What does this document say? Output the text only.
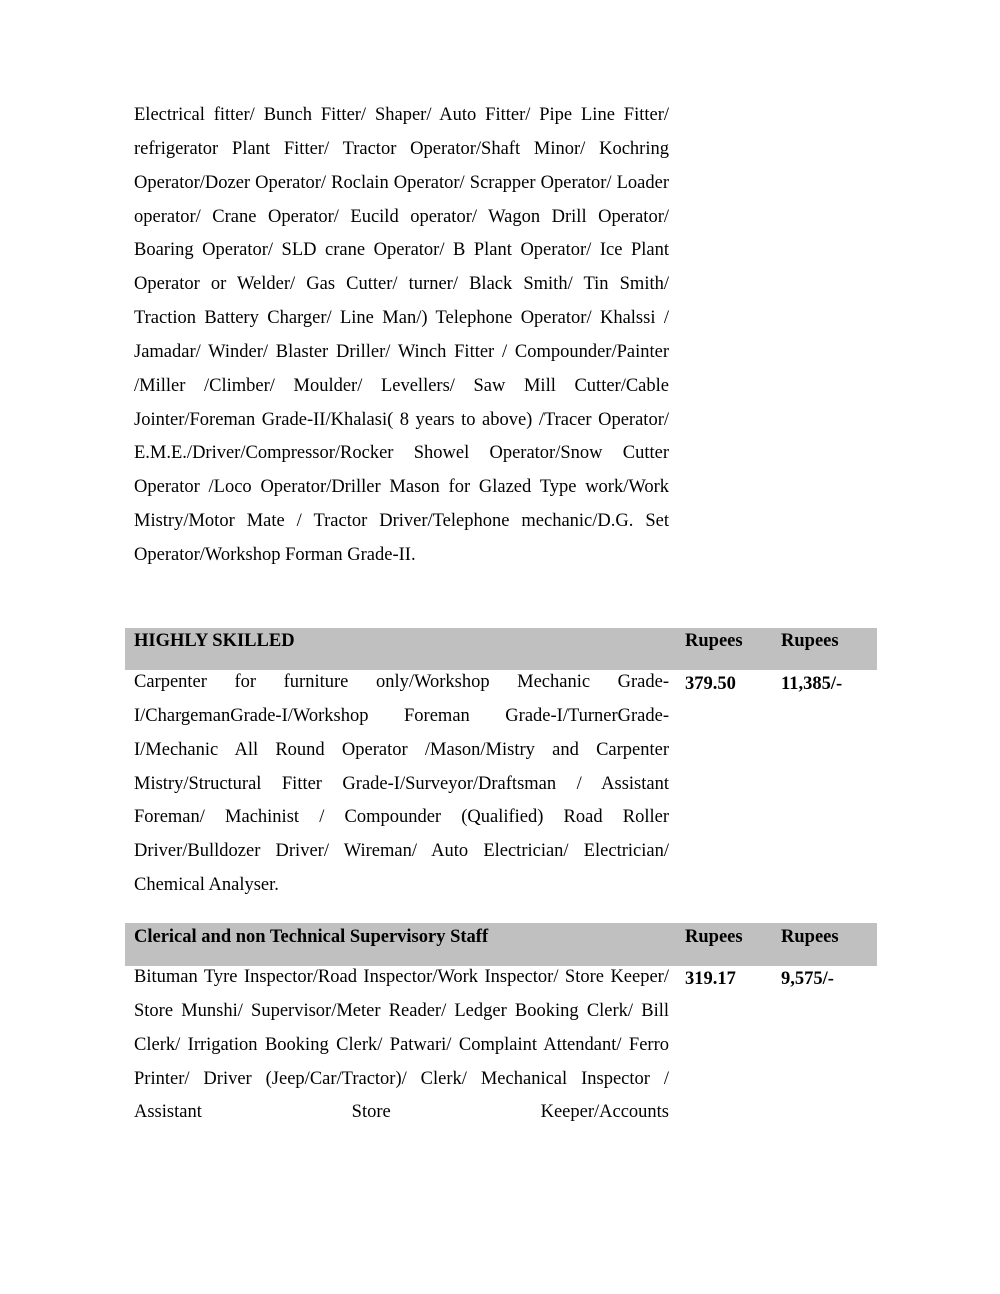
Electrical fitter/ Bunch Fitter/ Shaper/ Auto Fitter/ Pipe Line Fitter/ refrigerator Plant Fitter/ Tractor Operator/Shaft Minor/ Kochring Operator/Dozer Operator/ Roclain Operator/ Scrapper Operator/ Loader operator/ Crane Operator/ Eucild operator/ Wagon Drill Operator/ Boaring Operator/ SLD crane Operator/ B Plant Operator/ Ice Plant Operator or Welder/ Gas Cutter/ turner/ Black Smith/ Tin Smith/ Traction Battery Charger/ Line Man/) Telephone Operator/ Khalssi / Jamadar/ Winder/ Blaster Driller/ Winch Fitter / Compounder/Painter /Miller /Climber/ Moulder/ Levellers/ Saw Mill Cutter/Cable Jointer/Foreman Grade-II/Khalasi( 8 years to above) /Tracer Operator/ E.M.E./Driver/Compressor/Rocker Showel Operator/Snow Cutter Operator /Loco Operator/Driller Mason for Glazed Type work/Work Mistry/Motor Mate / Tractor Driver/Telephone mechanic/D.G. Set Operator/Workshop Forman Grade-II.
HIGHLY SKILLED	Rupees Rupees
Carpenter for furniture only/Workshop Mechanic Grade-I/ChargemanGrade-I/Workshop Foreman Grade-I/TurnerGrade-I/Mechanic All Round Operator /Mason/Mistry and Carpenter Mistry/Structural Fitter Grade-I/Surveyor/Draftsman / Assistant Foreman/ Machinist / Compounder (Qualified) Road Roller Driver/Bulldozer Driver/ Wireman/ Auto Electrician/ Electrician/ Chemical Analyser.
379.50 11,385/-
Clerical and non Technical Supervisory Staff	Rupees Rupees
Bituman Tyre Inspector/Road Inspector/Work Inspector/ Store Keeper/ Store Munshi/ Supervisor/Meter Reader/ Ledger Booking Clerk/ Bill Clerk/ Irrigation Booking Clerk/ Patwari/ Complaint Attendant/ Ferro Printer/ Driver (Jeep/Car/Tractor)/ Clerk/ Mechanical Inspector / Assistant Store Keeper/Accounts
319.17 9,575/-
